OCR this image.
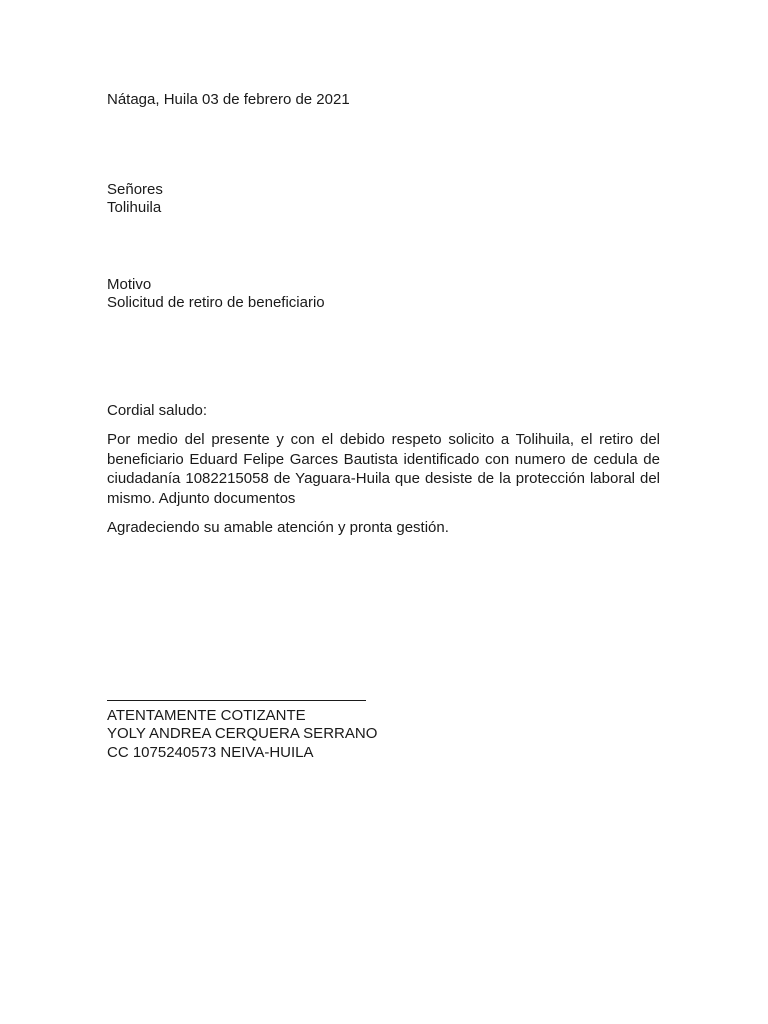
Nátaga, Huila 03 de febrero de 2021
Señores
Tolihuila
Motivo
Solicitud de retiro de beneficiario
Cordial saludo:
Por medio del presente y con el debido respeto solicito a Tolihuila, el retiro del beneficiario Eduard Felipe Garces Bautista identificado con numero de cedula de ciudadanía 1082215058 de Yaguara-Huila que desiste de la protección laboral del mismo. Adjunto documentos
Agradeciendo su amable atención y pronta gestión.
ATENTAMENTE COTIZANTE
YOLY ANDREA CERQUERA SERRANO
CC 1075240573 NEIVA-HUILA
